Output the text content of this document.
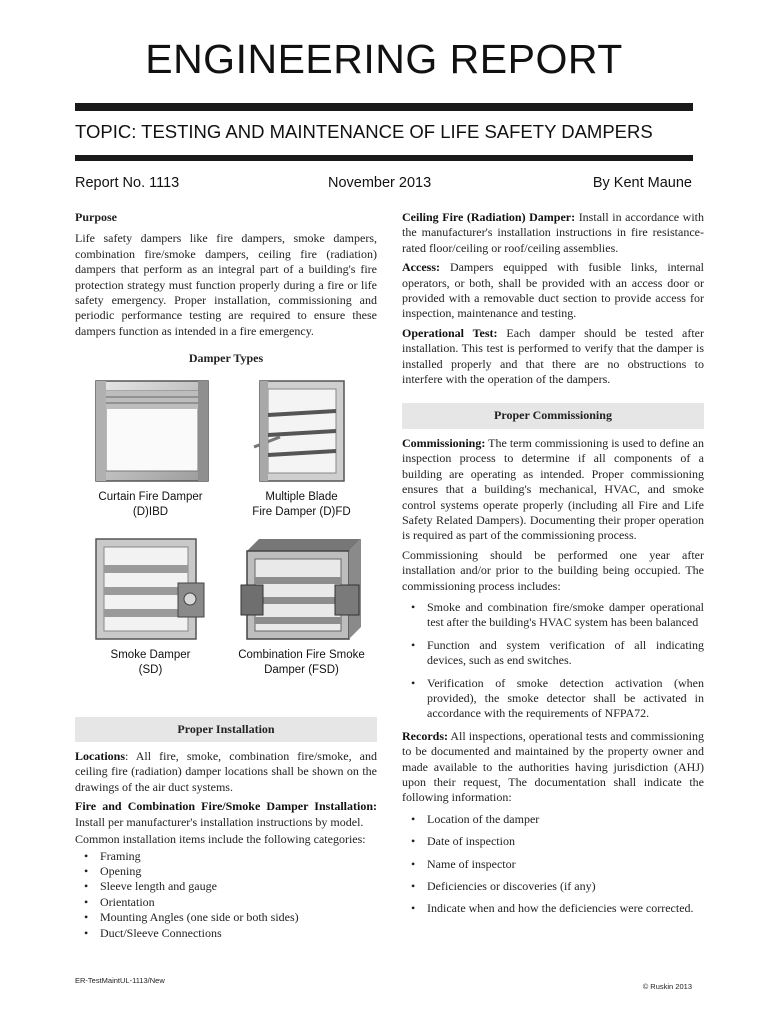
ENGINEERING REPORT
TOPIC: TESTING AND MAINTENANCE OF LIFE SAFETY DAMPERS
Report No. 1113	November 2013	By Kent Maune
Purpose

Life safety dampers like fire dampers, smoke dampers, combination fire/smoke dampers, ceiling fire (radiation) dampers that perform as an integral part of a building's fire protection strategy must function properly during a fire or life safety emergency. Proper installation, commissioning and periodic performance testing are required to ensure these dampers function as intended in a fire emergency.

Damper Types
Curtain Fire Damper
(D)IBD
Multiple Blade
Fire Damper (D)FD
Smoke Damper
(SD)
Combination Fire Smoke
Damper (FSD)
Proper Installation

Locations: All fire, smoke, combination fire/smoke, and ceiling fire (radiation) damper locations shall be shown on the drawings of the air duct systems.

Fire and Combination Fire/Smoke Damper Installation: Install per manufacturer's installation instructions by model.

Common installation items include the following categories:

• Framing
• Opening
• Sleeve length and gauge
• Orientation
• Mounting Angles (one side or both sides)
• Duct/Sleeve Connections

Ceiling Fire (Radiation) Damper: Install in accordance with the manufacturer's installation instructions in fire resistance-rated floor/ceiling or roof/ceiling assemblies.

Access: Dampers equipped with fusible links, internal operators, or both, shall be provided with an access door or provided with a removable duct section to provide access for inspection, maintenance and testing.

Operational Test: Each damper should be tested after installation. This test is performed to verify that the damper is installed properly and that there are no obstructions to interfere with the operation of the dampers.

Proper Commissioning

Commissioning: The term commissioning is used to define an inspection process to determine if all components of a building are operating as intended. Proper commissioning ensures that a building's mechanical, HVAC, and smoke control systems operate properly (including all Fire and Life Safety Related Dampers). Documenting their proper operation is required as part of the commissioning process.

Commissioning should be performed one year after installation and/or prior to the building being occupied. The commissioning process includes:

• Smoke and combination fire/smoke damper operational test after the building's HVAC system has been balanced
• Function and system verification of all indicating devices, such as end switches.
• Verification of smoke detection activation (when provided), the smoke detector shall be activated in accordance with the requirements of NFPA72.

Records: All inspections, operational tests and commissioning to be documented and maintained by the property owner and made available to the authorities having jurisdiction (AHJ) upon their request, The documentation shall indicate the following information:

• Location of the damper
• Date of inspection
• Name of inspector
• Deficiencies or discoveries (if any)
• Indicate when and how the deficiencies were corrected.
ER-TestMaintUL-1113/New
© Ruskin 2013
